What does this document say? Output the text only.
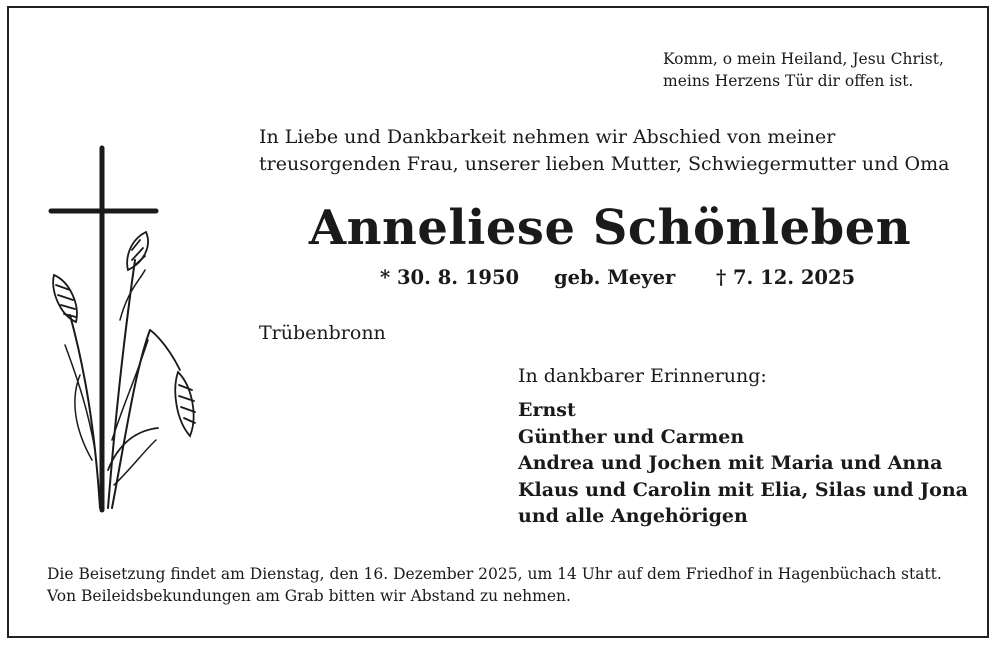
Komm, o mein Heiland, Jesu Christ,
meins Herzens Tür dir offen ist.
In Liebe und Dankbarkeit nehmen wir Abschied von meiner
treusorgenden Frau, unserer lieben Mutter, Schwiegermutter und Oma
Anneliese Schönleben
* 30. 8. 1950 geb. Meyer † 7. 12. 2025
Trübenbronn
In dankbarer Erinnerung:
Ernst
Günther und Carmen
Andrea und Jochen mit Maria und Anna
Klaus und Carolin mit Elia, Silas und Jona
und alle Angehörigen
Die Beisetzung findet am Dienstag, den 16. Dezember 2025, um 14 Uhr auf dem Friedhof in Hagenbüchach statt.
Von Beileidsbekundungen am Grab bitten wir Abstand zu nehmen.
